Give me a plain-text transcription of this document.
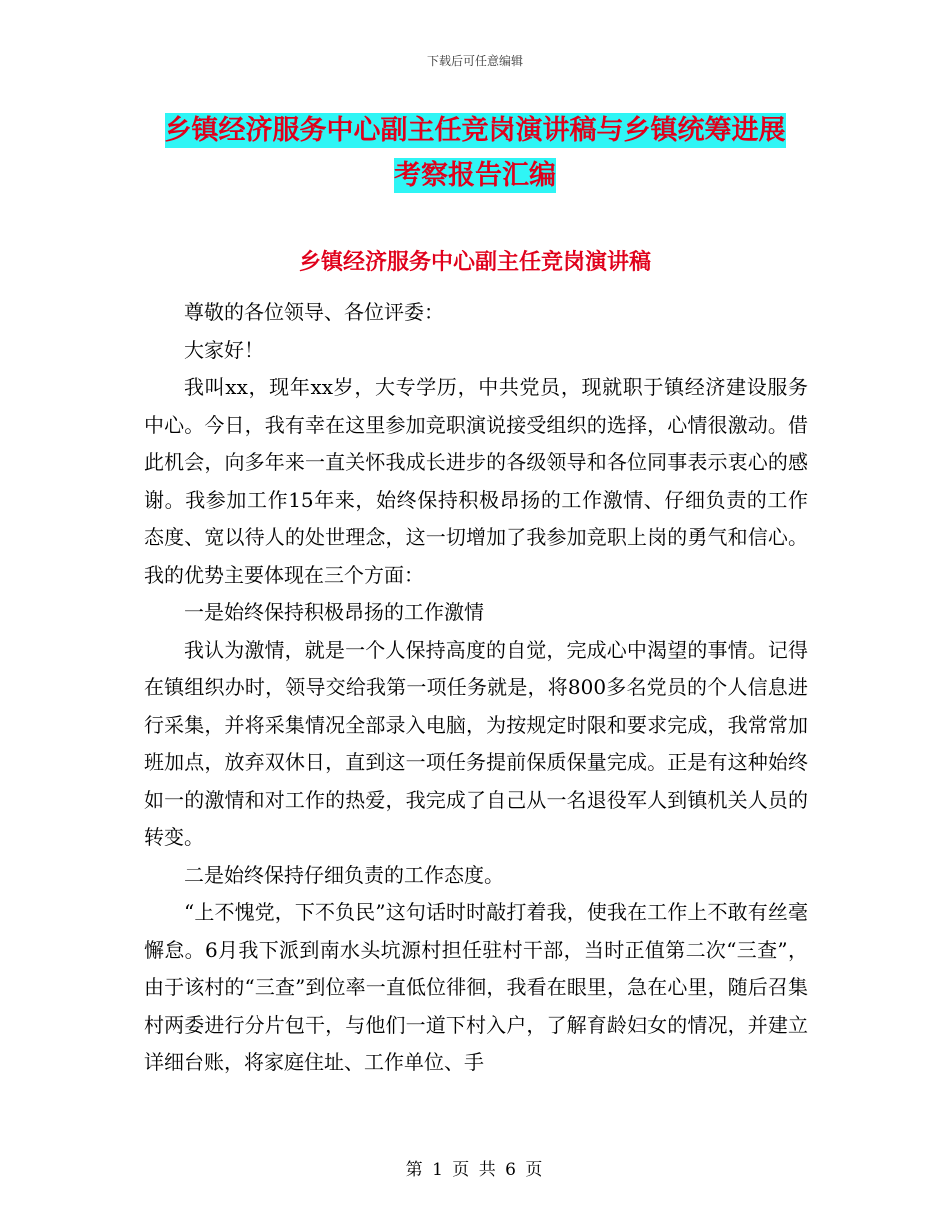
下载后可任意编辑
乡镇经济服务中心副主任竞岗演讲稿与乡镇统筹进展
考察报告汇编
乡镇经济服务中心副主任竞岗演讲稿

尊敬的各位领导、各位评委：

大家好！

我叫xx，现年xx岁，大专学历，中共党员，现就职于镇经济建设服务中心。今日，我有幸在这里参加竞职演说接受组织的选择，心情很激动。借此机会，向多年来一直关怀我成长进步的各级领导和各位同事表示衷心的感谢。我参加工作15年来，始终保持积极昂扬的工作激情、仔细负责的工作态度、宽以待人的处世理念，这一切增加了我参加竞职上岗的勇气和信心。我的优势主要体现在三个方面：

一是始终保持积极昂扬的工作激情

我认为激情，就是一个人保持高度的自觉，完成心中渴望的事情。记得在镇组织办时，领导交给我第一项任务就是，将800多名党员的个人信息进行采集，并将采集情况全部录入电脑，为按规定时限和要求完成，我常常加班加点，放弃双休日，直到这一项任务提前保质保量完成。正是有这种始终如一的激情和对工作的热爱，我完成了自己从一名退役军人到镇机关人员的转变。

二是始终保持仔细负责的工作态度。

“上不愧党，下不负民”这句话时时敲打着我，使我在工作上不敢有丝毫懈怠。6月我下派到南水头坑源村担任驻村干部，当时正值第二次“三查”，由于该村的“三查”到位率一直低位徘徊，我看在眼里，急在心里，随后召集村两委进行分片包干，与他们一道下村入户，了解育龄妇女的情况，并建立详细台账，将家庭住址、工作单位、手

第 1 页 共 6 页
